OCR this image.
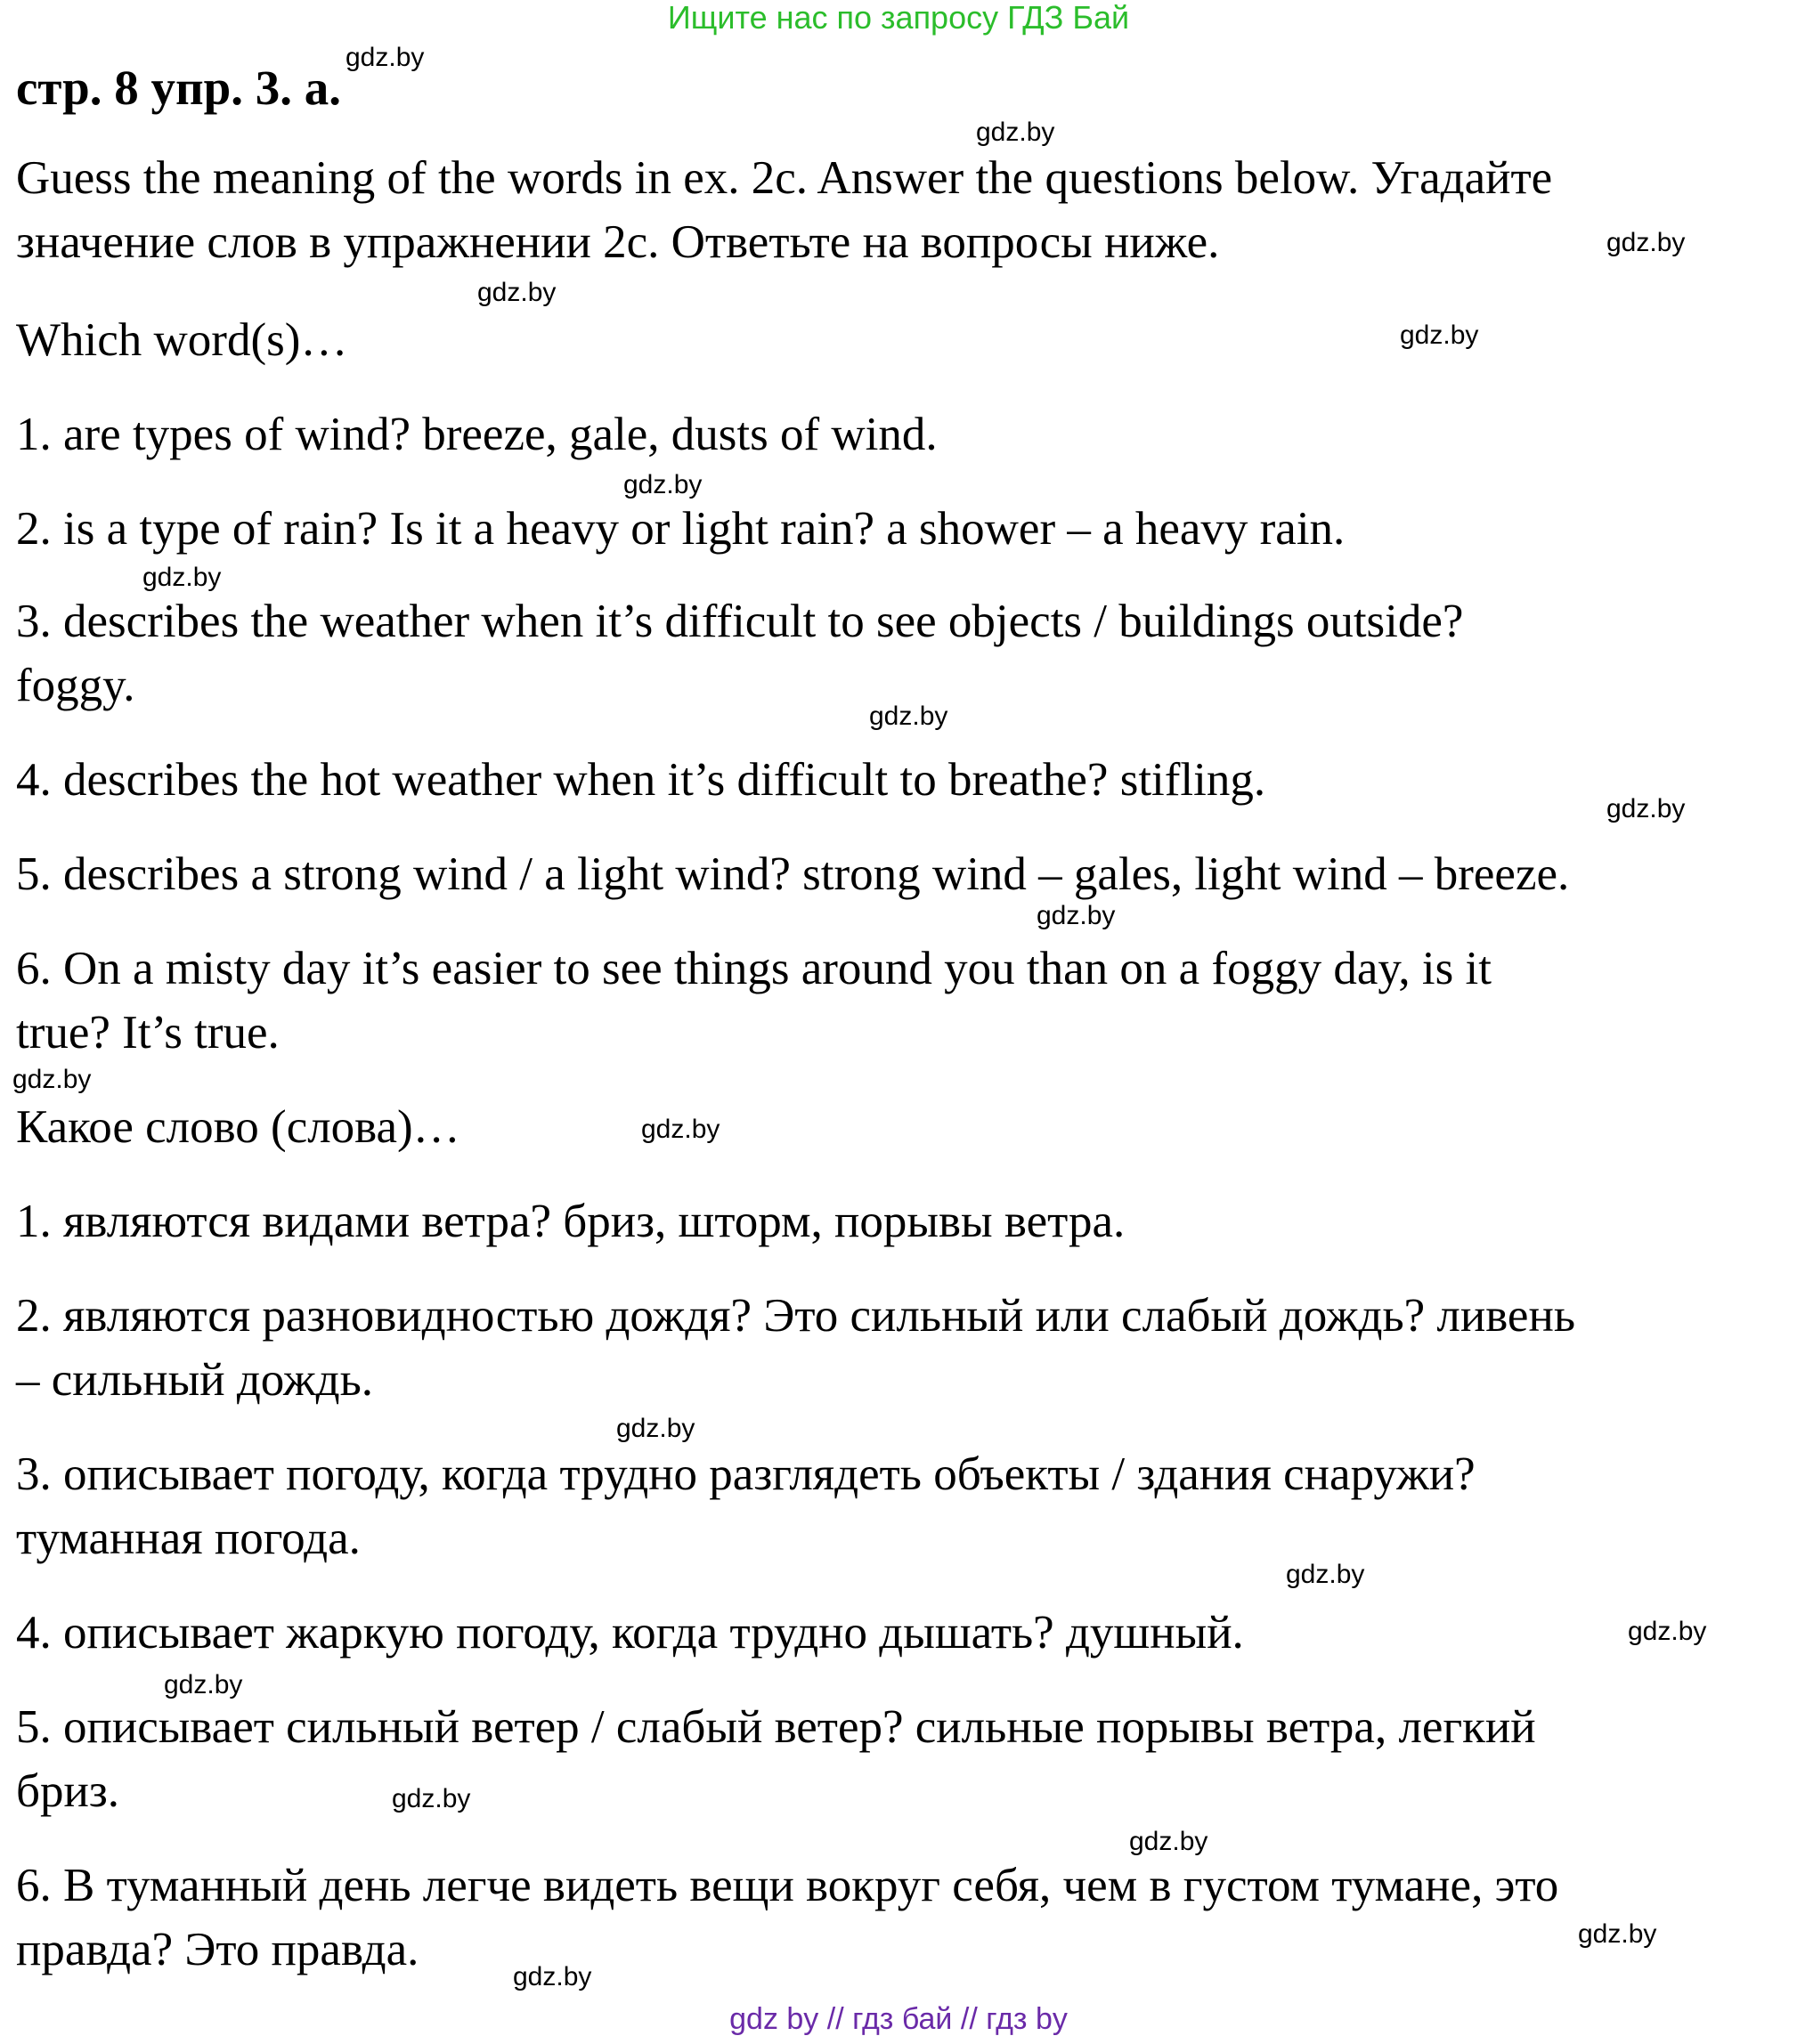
Ищите нас по запросу ГДЗ Бай
стр. 8 упр. 3. a.
Guess the meaning of the words in ex. 2c. Answer the questions below. Угадайте
значение слов в упражнении 2c. Ответьте на вопросы ниже.
Which word(s)…
1. are types of wind? breeze, gale, dusts of wind.
2. is a type of rain? Is it a heavy or light rain? a shower – a heavy rain.
3. describes the weather when it’s difficult to see objects / buildings outside?
foggy.
4. describes the hot weather when it’s difficult to breathe? stifling.
5. describes a strong wind / a light wind? strong wind – gales, light wind – breeze.
6. On a misty day it’s easier to see things around you than on a foggy day, is it
true? It’s true.
Какое слово (слова)…
1. являются видами ветра? бриз, шторм, порывы ветра.
2. являются разновидностью дождя? Это сильный или слабый дождь? ливень
– сильный дождь.
3. описывает погоду, когда трудно разглядеть объекты / здания снаружи?
туманная погода.
4. описывает жаркую погоду, когда трудно дышать? душный.
5. описывает сильный ветер / слабый ветер? сильные порывы ветра, легкий
бриз.
6. В туманный день легче видеть вещи вокруг себя, чем в густом тумане, это
правда? Это правда.
gdz.by
gdz.by
gdz.by
gdz.by
gdz.by
gdz.by
gdz.by
gdz.by
gdz.by
gdz.by
gdz.by
gdz.by
gdz.by
gdz.by
gdz.by
gdz.by
gdz.by
gdz.by
gdz.by
gdz.by
gdz by // гдз бай // гдз by
